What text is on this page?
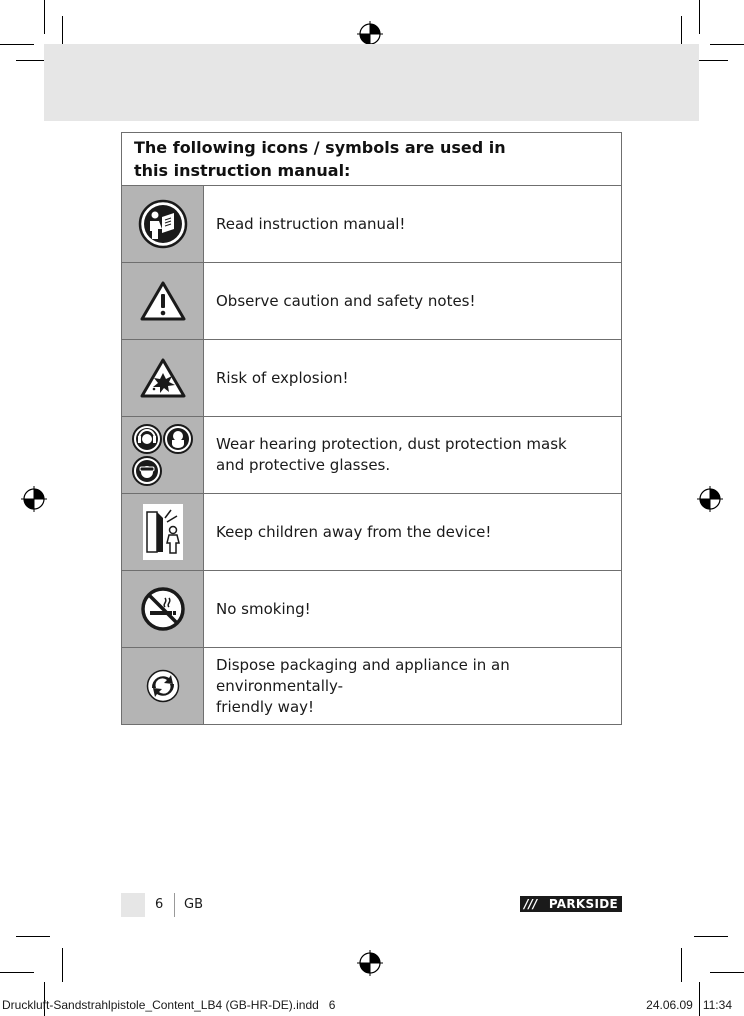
The following icons / symbols are used in
this instruction manual:	

	Read instruction manual!

	Observe caution and safety notes!

	Risk of explosion!

Wear hearing protection, dust protection mask
and protective glasses.

	Keep children away from the device!

	No smoking!

Dispose packaging and appliance in an environmentally-
friendly way!
6 GB	/// PARKSIDE
Druckluft-Sandstrahlpistole_Content_LB4 (GB-HR-DE).indd   6	24.06.09   11:34
